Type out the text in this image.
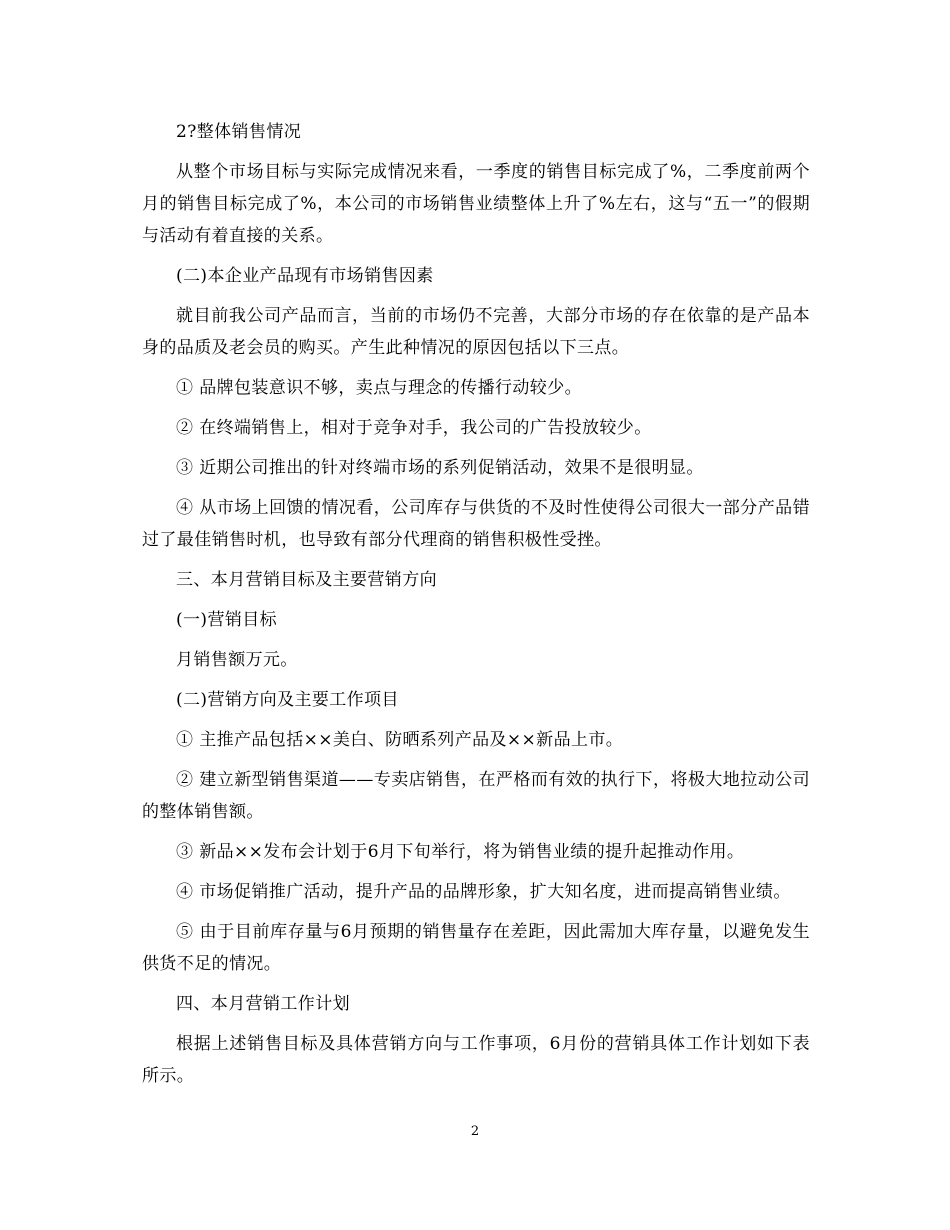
2?整体销售情况

从整个市场目标与实际完成情况来看，一季度的销售目标完成了%，二季度前两个月的销售目标完成了%，本公司的市场销售业绩整体上升了%左右，这与“五一”的假期与活动有着直接的关系。

(二)本企业产品现有市场销售因素

就目前我公司产品而言，当前的市场仍不完善，大部分市场的存在依靠的是产品本身的品质及老会员的购买。产生此种情况的原因包括以下三点。

① 品牌包装意识不够，卖点与理念的传播行动较少。

② 在终端销售上，相对于竞争对手，我公司的广告投放较少。

③ 近期公司推出的针对终端市场的系列促销活动，效果不是很明显。

④ 从市场上回馈的情况看，公司库存与供货的不及时性使得公司很大一部分产品错过了最佳销售时机，也导致有部分代理商的销售积极性受挫。

三、本月营销目标及主要营销方向

(一)营销目标

月销售额万元。

(二)营销方向及主要工作项目

① 主推产品包括××美白、防晒系列产品及××新品上市。

② 建立新型销售渠道——专卖店销售，在严格而有效的执行下，将极大地拉动公司的整体销售额。

③ 新品××发布会计划于6月下旬举行，将为销售业绩的提升起推动作用。

④ 市场促销推广活动，提升产品的品牌形象，扩大知名度，进而提高销售业绩。

⑤ 由于目前库存量与6月预期的销售量存在差距，因此需加大库存量，以避免发生供货不足的情况。

四、本月营销工作计划

根据上述销售目标及具体营销方向与工作事项，6月份的营销具体工作计划如下表所示。

2
